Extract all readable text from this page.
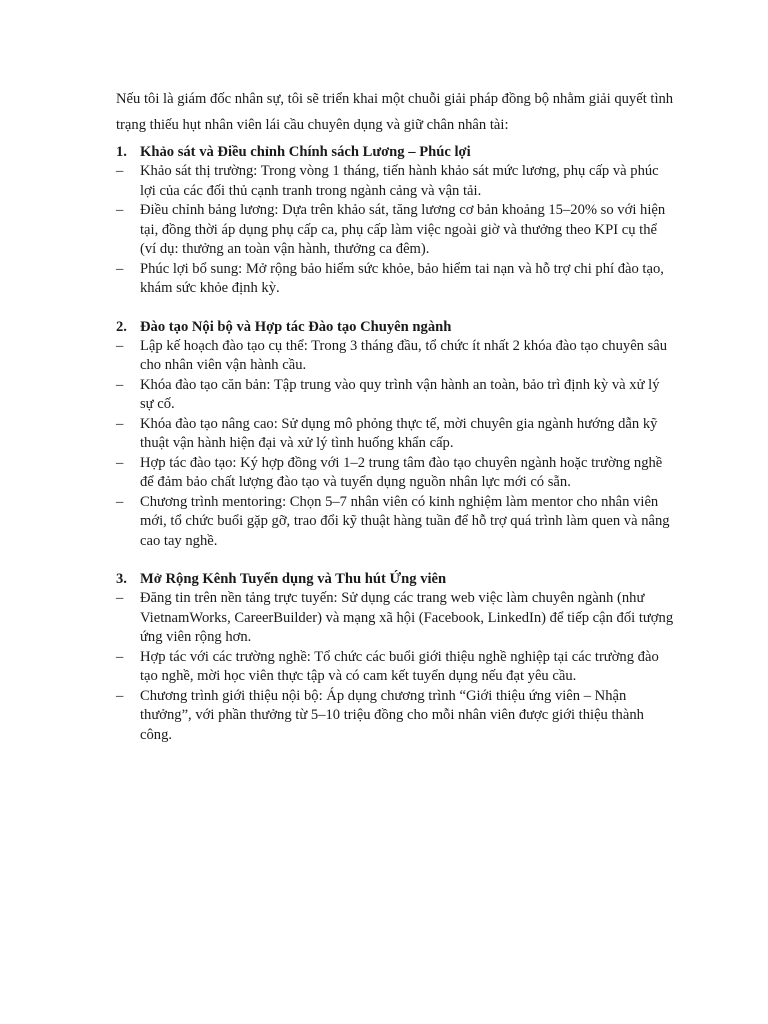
Nếu tôi là giám đốc nhân sự, tôi sẽ triển khai một chuỗi giải pháp đồng bộ nhằm giải quyết tình trạng thiếu hụt nhân viên lái cầu chuyên dụng và giữ chân nhân tài:

1. Khảo sát và Điều chỉnh Chính sách Lương – Phúc lợi
–	Khảo sát thị trường: Trong vòng 1 tháng, tiến hành khảo sát mức lương, phụ cấp và phúc lợi của các đối thủ cạnh tranh trong ngành cảng và vận tải.
–	Điều chỉnh bảng lương: Dựa trên khảo sát, tăng lương cơ bản khoảng 15–20% so với hiện tại, đồng thời áp dụng phụ cấp ca, phụ cấp làm việc ngoài giờ và thưởng theo KPI cụ thể (ví dụ: thưởng an toàn vận hành, thưởng ca đêm).
–	Phúc lợi bổ sung: Mở rộng bảo hiểm sức khỏe, bảo hiểm tai nạn và hỗ trợ chi phí đào tạo, khám sức khỏe định kỳ.
2. Đào tạo Nội bộ và Hợp tác Đào tạo Chuyên ngành
–	Lập kế hoạch đào tạo cụ thể: Trong 3 tháng đầu, tổ chức ít nhất 2 khóa đào tạo chuyên sâu cho nhân viên vận hành cầu.
–	Khóa đào tạo căn bản: Tập trung vào quy trình vận hành an toàn, bảo trì định kỳ và xử lý sự cố.
–	Khóa đào tạo nâng cao: Sử dụng mô phỏng thực tế, mời chuyên gia ngành hướng dẫn kỹ thuật vận hành hiện đại và xử lý tình huống khẩn cấp.
–	Hợp tác đào tạo: Ký hợp đồng với 1–2 trung tâm đào tạo chuyên ngành hoặc trường nghề để đảm bảo chất lượng đào tạo và tuyển dụng nguồn nhân lực mới có sẵn.
–	Chương trình mentoring: Chọn 5–7 nhân viên có kinh nghiệm làm mentor cho nhân viên mới, tổ chức buổi gặp gỡ, trao đổi kỹ thuật hàng tuần để hỗ trợ quá trình làm quen và nâng cao tay nghề.
3. Mở Rộng Kênh Tuyển dụng và Thu hút Ứng viên
–	Đăng tin trên nền tảng trực tuyến: Sử dụng các trang web việc làm chuyên ngành (như VietnamWorks, CareerBuilder) và mạng xã hội (Facebook, LinkedIn) để tiếp cận đối tượng ứng viên rộng hơn.
–	Hợp tác với các trường nghề: Tổ chức các buổi giới thiệu nghề nghiệp tại các trường đào tạo nghề, mời học viên thực tập và có cam kết tuyển dụng nếu đạt yêu cầu.
–	Chương trình giới thiệu nội bộ: Áp dụng chương trình “Giới thiệu ứng viên – Nhận thưởng”, với phần thưởng từ 5–10 triệu đồng cho mỗi nhân viên được giới thiệu thành công.
